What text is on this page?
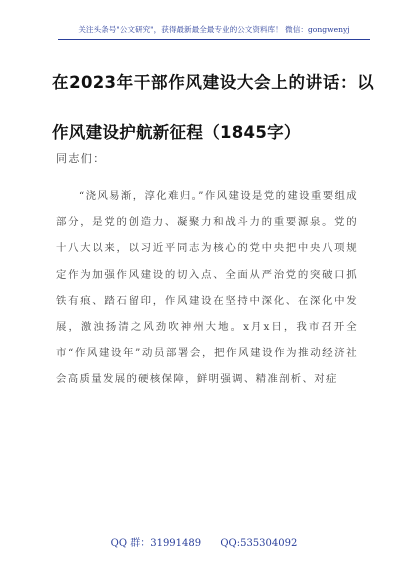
关注头条号"公文研究"，获得最新最全最专业的公文资料库！ 微信：gongwenyj
在2023年干部作风建设大会上的讲话：以作风建设护航新征程（1845字）
同志们：
“浇风易渐，淳化难归。”作风建设是党的建设重要组成部分，是党的创造力、凝聚力和战斗力的重要源泉。党的十八大以来，以习近平同志为核心的党中央把中央八项规定作为加强作风建设的切入点、全面从严治党的突破口抓铁有痕、踏石留印，作风建设在坚持中深化、在深化中发展，激浊扬清之风劲吹神州大地。x月x日，我市召开全市“作风建设年”动员部署会，把作风建设作为推动经济社会高质量发展的硬核保障，鲜明强调、精准剖析、对症
QQ 群：31991489 QQ:535304092
